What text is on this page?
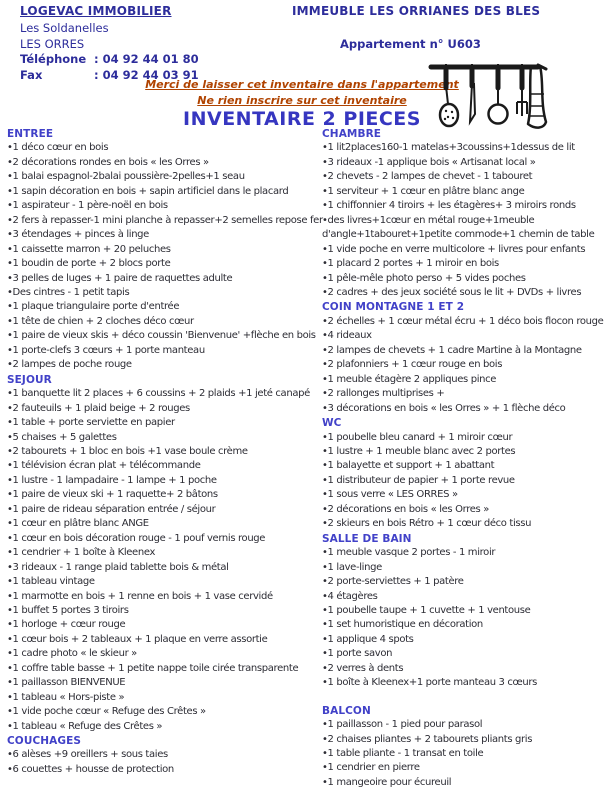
LOGEVAC IMMOBILIER
Les Soldanelles
LES ORRES
Téléphone :
04 92 44 01 80
Fax	:
04 92 44 03 91
IMMEUBLE LES ORRIANES DES BLES
Appartement n° U603
Merci de laisser cet inventaire dans l'appartement
Ne rien inscrire sur cet inventaire
INVENTAIRE 2 PIECES
ENTREE
•1 déco cœur en bois
•2 décorations rondes en bois « les Orres »
•1 balai espagnol-2balai poussière-2pelles+1 seau
•1 sapin décoration en bois + sapin artificiel dans le placard
•1 aspirateur - 1 père-noël en bois
•2 fers à repasser-1 mini planche à repasser+2 semelles repose fer
•3 étendages + pinces à linge
•1 caissette marron + 20 peluches
•1 boudin de porte + 2 blocs porte
•3 pelles de luges + 1 paire de raquettes adulte
•Des cintres - 1 petit tapis
•1 plaque triangulaire porte d'entrée
•1 tête de chien + 2 cloches déco cœur
•1 paire de vieux skis + déco coussin 'Bienvenue' +flèche en bois
•1 porte-clefs 3 cœurs + 1 porte manteau
•2 lampes de poche rouge
SEJOUR
•1 banquette lit 2 places + 6 coussins + 2 plaids +1 jeté canapé
•2 fauteuils + 1 plaid beige + 2 rouges
•1 table + porte serviette en papier
•5 chaises + 5 galettes
•2 tabourets + 1 bloc en bois +1 vase boule crème
•1 télévision écran plat + télécommande
•1 lustre - 1 lampadaire - 1 lampe + 1 poche
•1 paire de vieux ski + 1 raquette+ 2 bâtons
•1 paire de rideau séparation entrée / séjour
•1 cœur en plâtre blanc ANGE
•1 cœur en bois décoration rouge - 1 pouf vernis rouge
•1 cendrier + 1 boîte à Kleenex
•3 rideaux - 1 range plaid tablette bois & métal
•1 tableau vintage
•1 marmotte en bois + 1 renne en bois + 1 vase cervidé
•1 buffet 5 portes 3 tiroirs
•1 horloge + cœur rouge
•1 cœur bois + 2 tableaux + 1 plaque en verre assortie
•1 cadre photo « le skieur »
•1 coffre table basse + 1 petite nappe toile cirée transparente
•1 paillasson BIENVENUE
•1 tableau « Hors-piste »
•1 vide poche cœur « Refuge des Crêtes »
•1 tableau « Refuge des Crêtes »
COUCHAGES
•6 alèses +9 oreillers + sous taies
•6 couettes + housse de protection
CHAMBRE
•1 lit2places160-1 matelas+3coussins+1dessus de lit
•3 rideaux -1 applique bois « Artisanat local »
•2 chevets - 2 lampes de chevet - 1 tabouret
•1 serviteur + 1 cœur en plâtre blanc ange
•1 chiffonnier 4 tiroirs + les étagères+ 3 miroirs ronds
•des livres+1cœur en métal rouge+1meuble d'angle+1tabouret+1petite commode+1 chemin de table
•1 vide poche en verre multicolore + livres pour enfants
•1 placard 2 portes + 1 miroir en bois
•1 pêle-mêle photo perso + 5 vides poches
•2 cadres + des jeux société sous le lit + DVDs + livres
COIN MONTAGNE 1 ET 2
•2 échelles + 1 cœur métal écru + 1 déco bois flocon rouge
•4 rideaux
•2 lampes de chevets + 1 cadre Martine à la Montagne
•2 plafonniers + 1 cœur rouge en bois
•1 meuble étagère 2 appliques pince
•2 rallonges multiprises +
•3 décorations en bois « les Orres » + 1 flèche déco
WC
•1 poubelle bleu canard + 1 miroir cœur
•1 lustre + 1 meuble blanc avec 2 portes
•1 balayette et support + 1 abattant
•1 distributeur de papier + 1 porte revue
•1 sous verre « LES ORRES »
•2 décorations en bois « les Orres »
•2 skieurs en bois Rétro + 1 cœur déco tissu
SALLE DE BAIN
•1 meuble vasque 2 portes - 1 miroir
•1 lave-linge
•2 porte-serviettes + 1 patère
•4 étagères
•1 poubelle taupe + 1 cuvette + 1 ventouse
•1 set humoristique en décoration
•1 applique 4 spots
•1 porte savon
•2 verres à dents
•1 boîte à Kleenex+1 porte manteau 3 cœurs
BALCON
•1 paillasson - 1 pied pour parasol
•2 chaises pliantes + 2 tabourets pliants gris
•1 table pliante - 1 transat en toile
•1 cendrier en pierre
•1 mangeoire pour écureuil
